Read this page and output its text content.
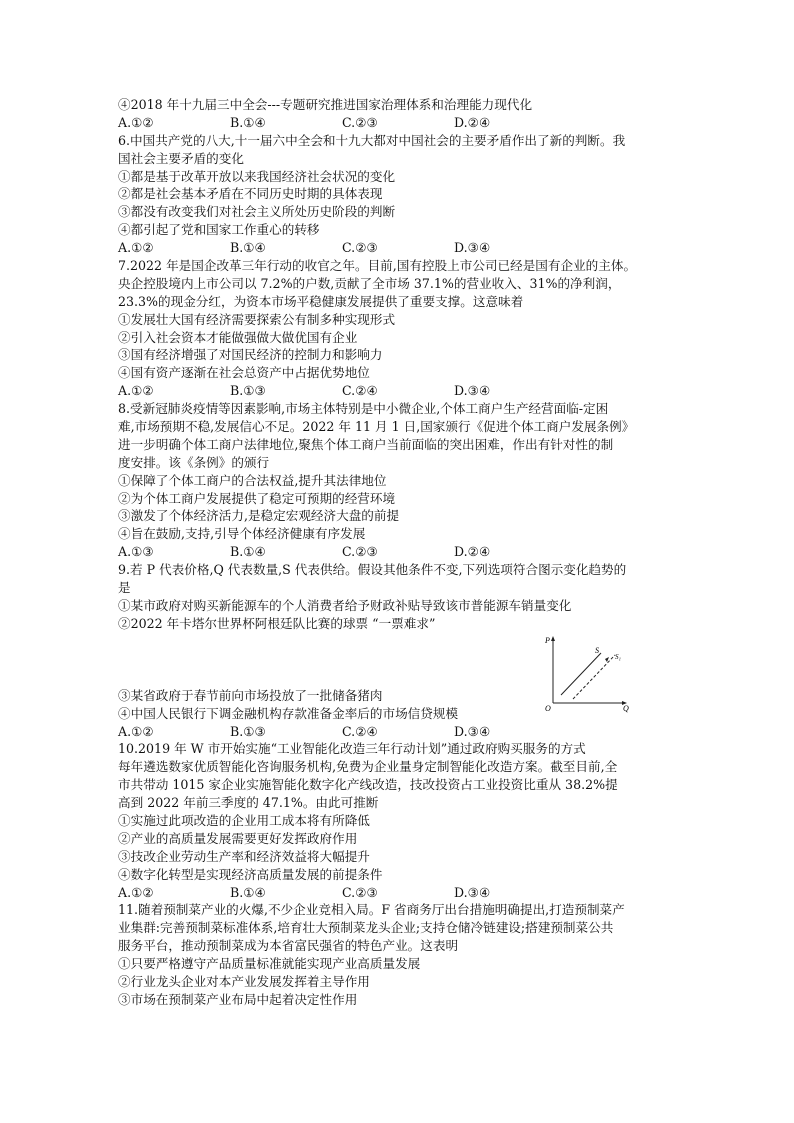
④2018 年十九届三中全会---专题研究推进国家治理体系和治理能力现代化
A.①②	B.①④	C.②③	D.②④
6.中国共产党的八大,十一届六中全会和十九大都对中国社会的主要矛盾作出了新的判断。我
国社会主要矛盾的变化
①都是基于改革开放以来我国经济社会状况的变化
②都是社会基本矛盾在不同历史时期的具体表现
③都没有改变我们对社会主义所处历史阶段的判断
④都引起了党和国家工作重心的转移
A.①②	B.①④	C.②③	D.③④
7.2022 年是国企改革三年行动的收官之年。目前,国有控股上市公司已经是国有企业的主体。
央企控股境内上市公司以 7.2%的户数,贡献了全市场 37.1%的营业收入、31%的净利润，
23.3%的现金分红，为资本市场平稳健康发展提供了重要支撑。这意味着
①发展壮大国有经济需要探索公有制多种实现形式
②引入社会资本才能做强做大做优国有企业
③国有经济增强了对国民经济的控制力和影响力
④国有资产逐渐在社会总资产中占据优势地位
A.①②	B.①③	C.②④	D.③④
8.受新冠肺炎疫情等因素影响,市场主体特别是中小微企业,个体工商户生产经营面临-定困
难,市场预期不稳,发展信心不足。2022 年 11 月 1 日,国家颁行《促进个体工商户发展条例》
进一步明确个体工商户法律地位,聚焦个体工商户当前面临的突出困难，作出有针对性的制
度安排。该《条例》的颁行
①保障了个体工商户的合法权益,提升其法律地位
②为个体工商户发展提供了稳定可预期的经营环境
③激发了个体经济活力,是稳定宏观经济大盘的前提
④旨在鼓励,支持,引导个体经济健康有序发展
A.①③	B.①④	C.②③	D.②④
9.若 P 代表价格,Q 代表数量,S 代表供给。假设其他条件不变,下列选项符合图示变化趋势的
是
①某市政府对购买新能源车的个人消费者给予财政补贴导致该市普能源车销量变化
②2022 年卡塔尔世界杯阿根廷队比赛的球票 “一票难求”
P
Q
O
S
S₁
③某省政府于春节前向市场投放了一批储备猪肉
④中国人民银行下调金融机构存款准备金率后的市场信贷规模
A.①②	B.①③	C.②④	D.③④
10.2019 年 W 市开始实施“工业智能化改造三年行动计划”通过政府购买服务的方式
每年遴选数家优质智能化咨询服务机构,免费为企业量身定制智能化改造方案。截至目前,全
市共带动 1015 家企业实施智能化数字化产线改造，技改投资占工业投资比重从 38.2%提
高到 2022 年前三季度的 47.1%。由此可推断
①实施过此项改造的企业用工成本将有所降低
②产业的高质量发展需要更好发挥政府作用
③技改企业劳动生产率和经济效益将大幅提升
④数字化转型是实现经济高质量发展的前提条件
A.①②	B.①④	C.②③	D.③④
11.随着预制菜产业的火爆,不少企业竞相入局。F 省商务厅出台措施明确提出,打造预制菜产
业集群:完善预制菜标准体系,培育壮大预制菜龙头企业;支持仓储冷链建设;搭建预制菜公共
服务平台，推动预制菜成为本省富民强省的特色产业。这表明
①只要严格遵守产品质量标准就能实现产业高质量发展
②行业龙头企业对本产业发展发挥着主导作用
③市场在预制菜产业布局中起着决定性作用
